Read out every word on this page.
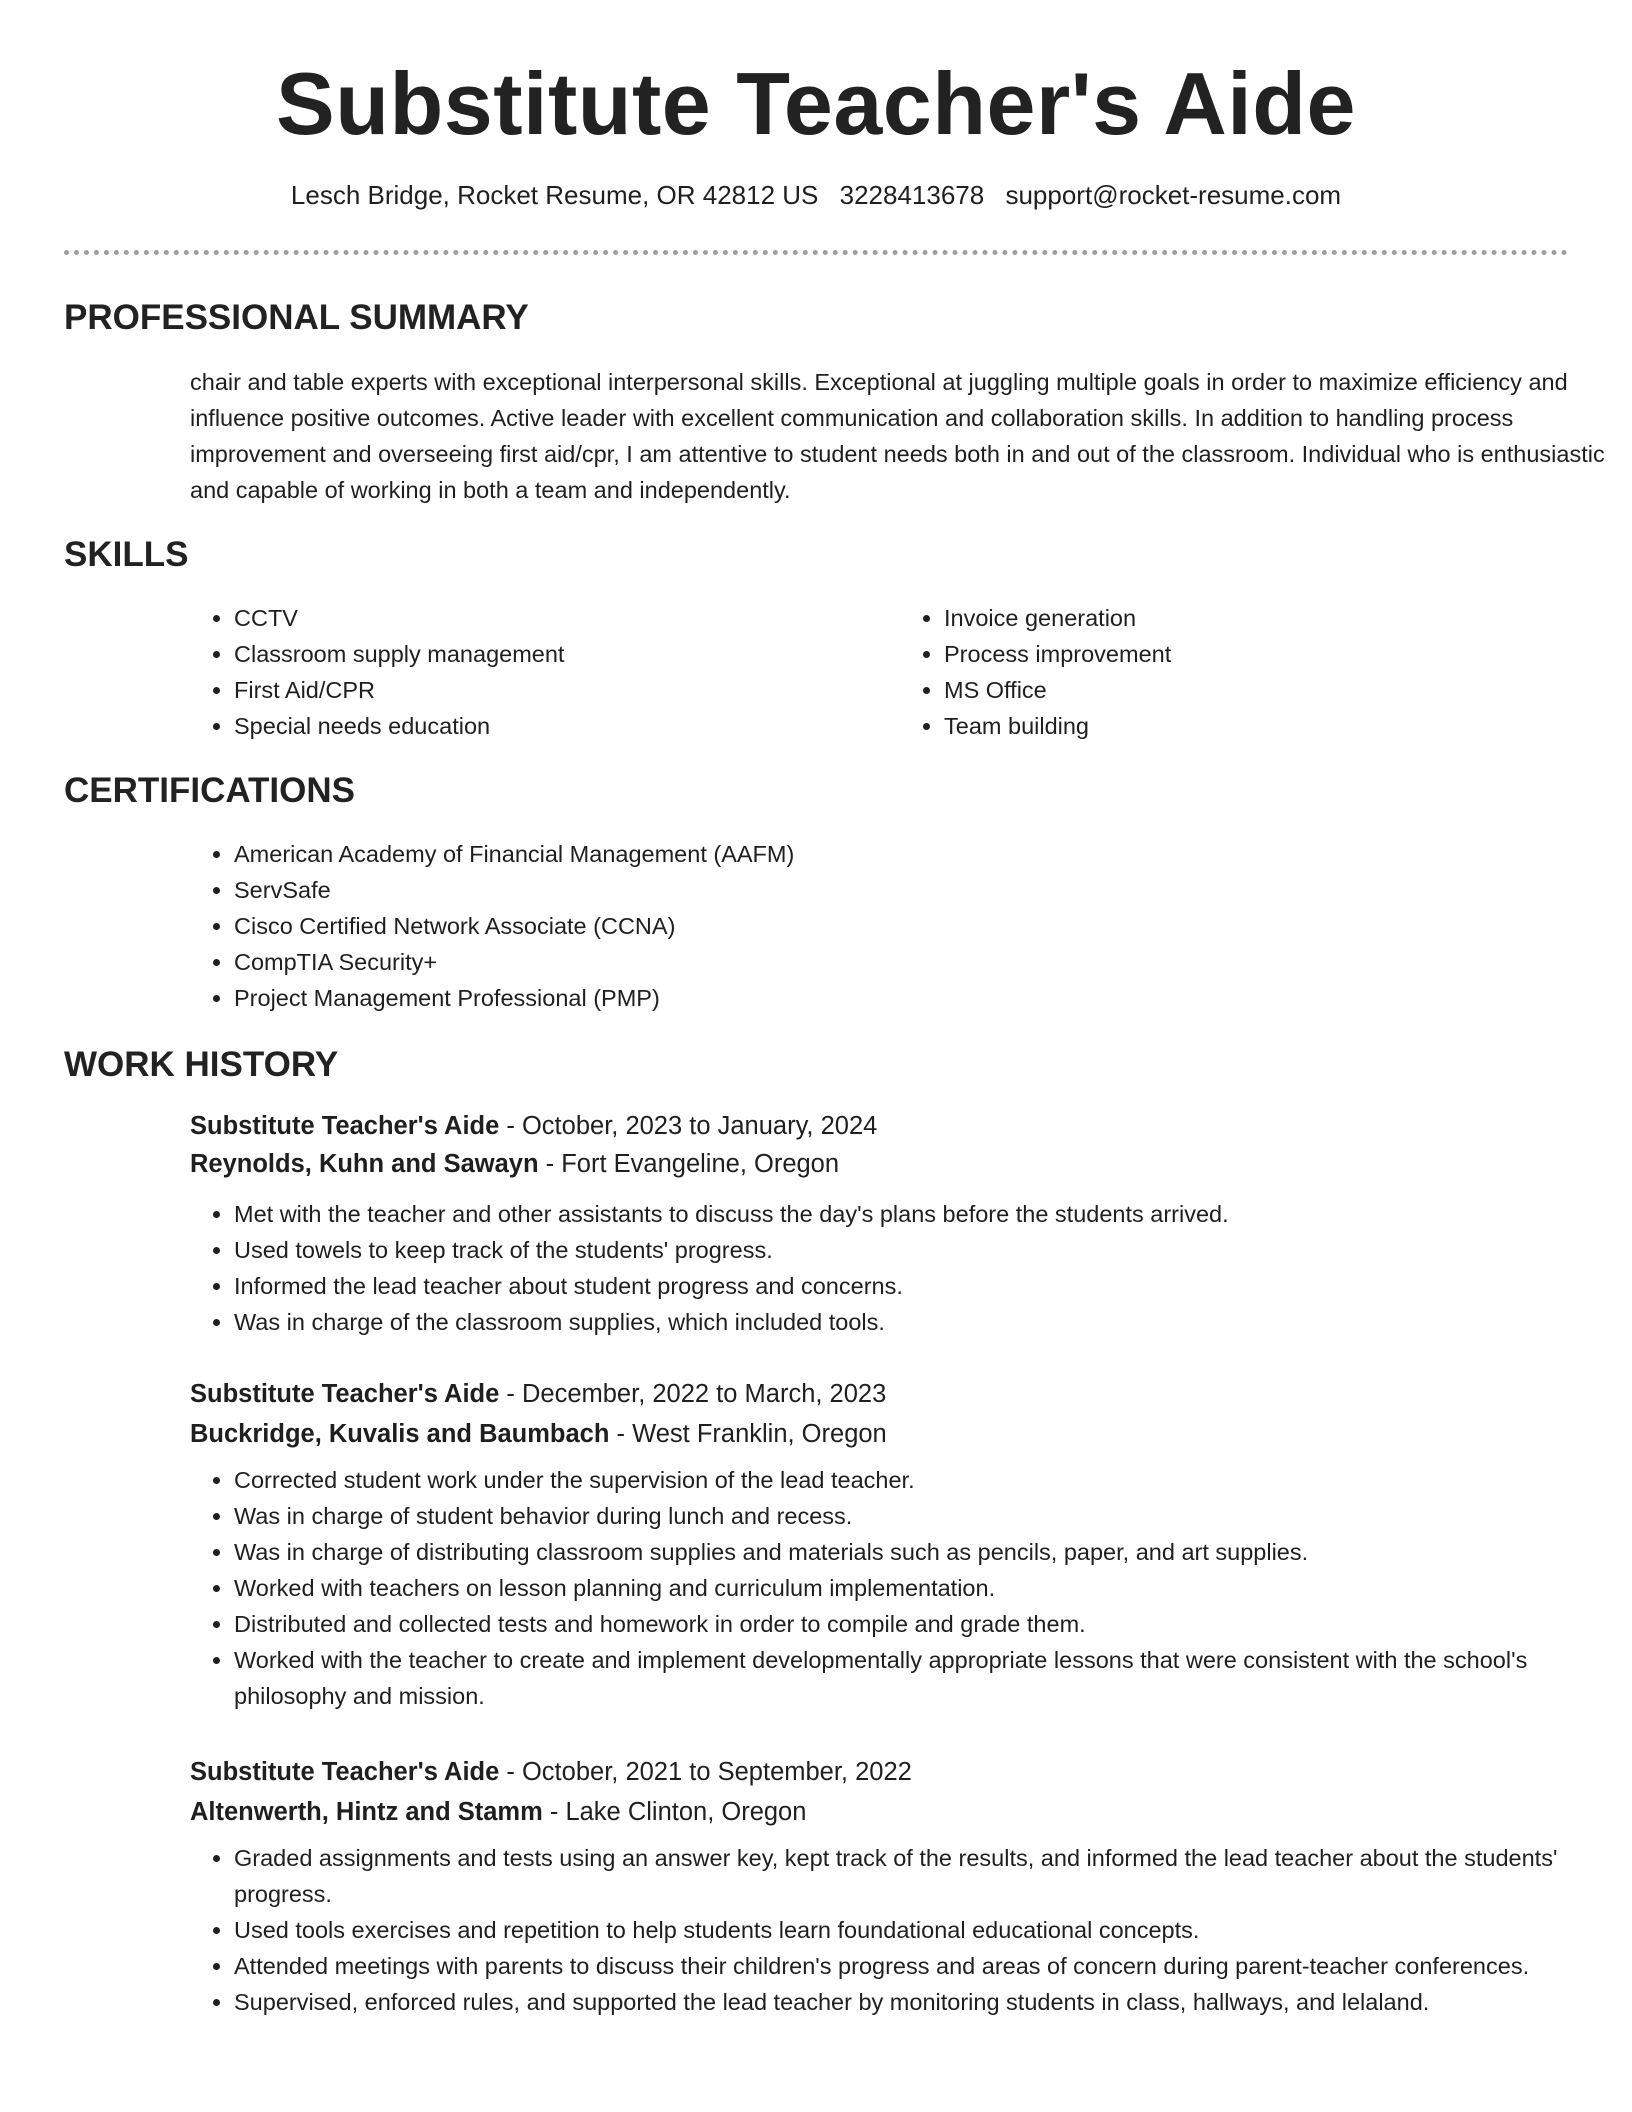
Substitute Teacher's Aide
Lesch Bridge, Rocket Resume, OR 42812 US 3228413678 support@rocket-resume.com
PROFESSIONAL SUMMARY

chair and table experts with exceptional interpersonal skills. Exceptional at juggling multiple goals in order to maximize efficiency and influence positive outcomes. Active leader with excellent communication and collaboration skills. In addition to handling process improvement and overseeing first aid/cpr, I am attentive to student needs both in and out of the classroom. Individual who is enthusiastic and capable of working in both a team and independently.

SKILLS
• CCTV
• Classroom supply management
• First Aid/CPR
• Special needs education
• Invoice generation
• Process improvement
• MS Office
• Team building
CERTIFICATIONS
• American Academy of Financial Management (AAFM)
• ServSafe
• Cisco Certified Network Associate (CCNA)
• CompTIA Security+
• Project Management Professional (PMP)
WORK HISTORY
Substitute Teacher's Aide - October, 2023 to January, 2024
Reynolds, Kuhn and Sawayn - Fort Evangeline, Oregon
• Met with the teacher and other assistants to discuss the day's plans before the students arrived.
• Used towels to keep track of the students' progress.
• Informed the lead teacher about student progress and concerns.
• Was in charge of the classroom supplies, which included tools.
Substitute Teacher's Aide - December, 2022 to March, 2023
Buckridge, Kuvalis and Baumbach - West Franklin, Oregon
• Corrected student work under the supervision of the lead teacher.
• Was in charge of student behavior during lunch and recess.
• Was in charge of distributing classroom supplies and materials such as pencils, paper, and art supplies.
• Worked with teachers on lesson planning and curriculum implementation.
• Distributed and collected tests and homework in order to compile and grade them.
• Worked with the teacher to create and implement developmentally appropriate lessons that were consistent with the school's philosophy and mission.
Substitute Teacher's Aide - October, 2021 to September, 2022
Altenwerth, Hintz and Stamm - Lake Clinton, Oregon
• Graded assignments and tests using an answer key, kept track of the results, and informed the lead teacher about the students' progress.
• Used tools exercises and repetition to help students learn foundational educational concepts.
• Attended meetings with parents to discuss their children's progress and areas of concern during parent-teacher conferences.
• Supervised, enforced rules, and supported the lead teacher by monitoring students in class, hallways, and lelaland.
